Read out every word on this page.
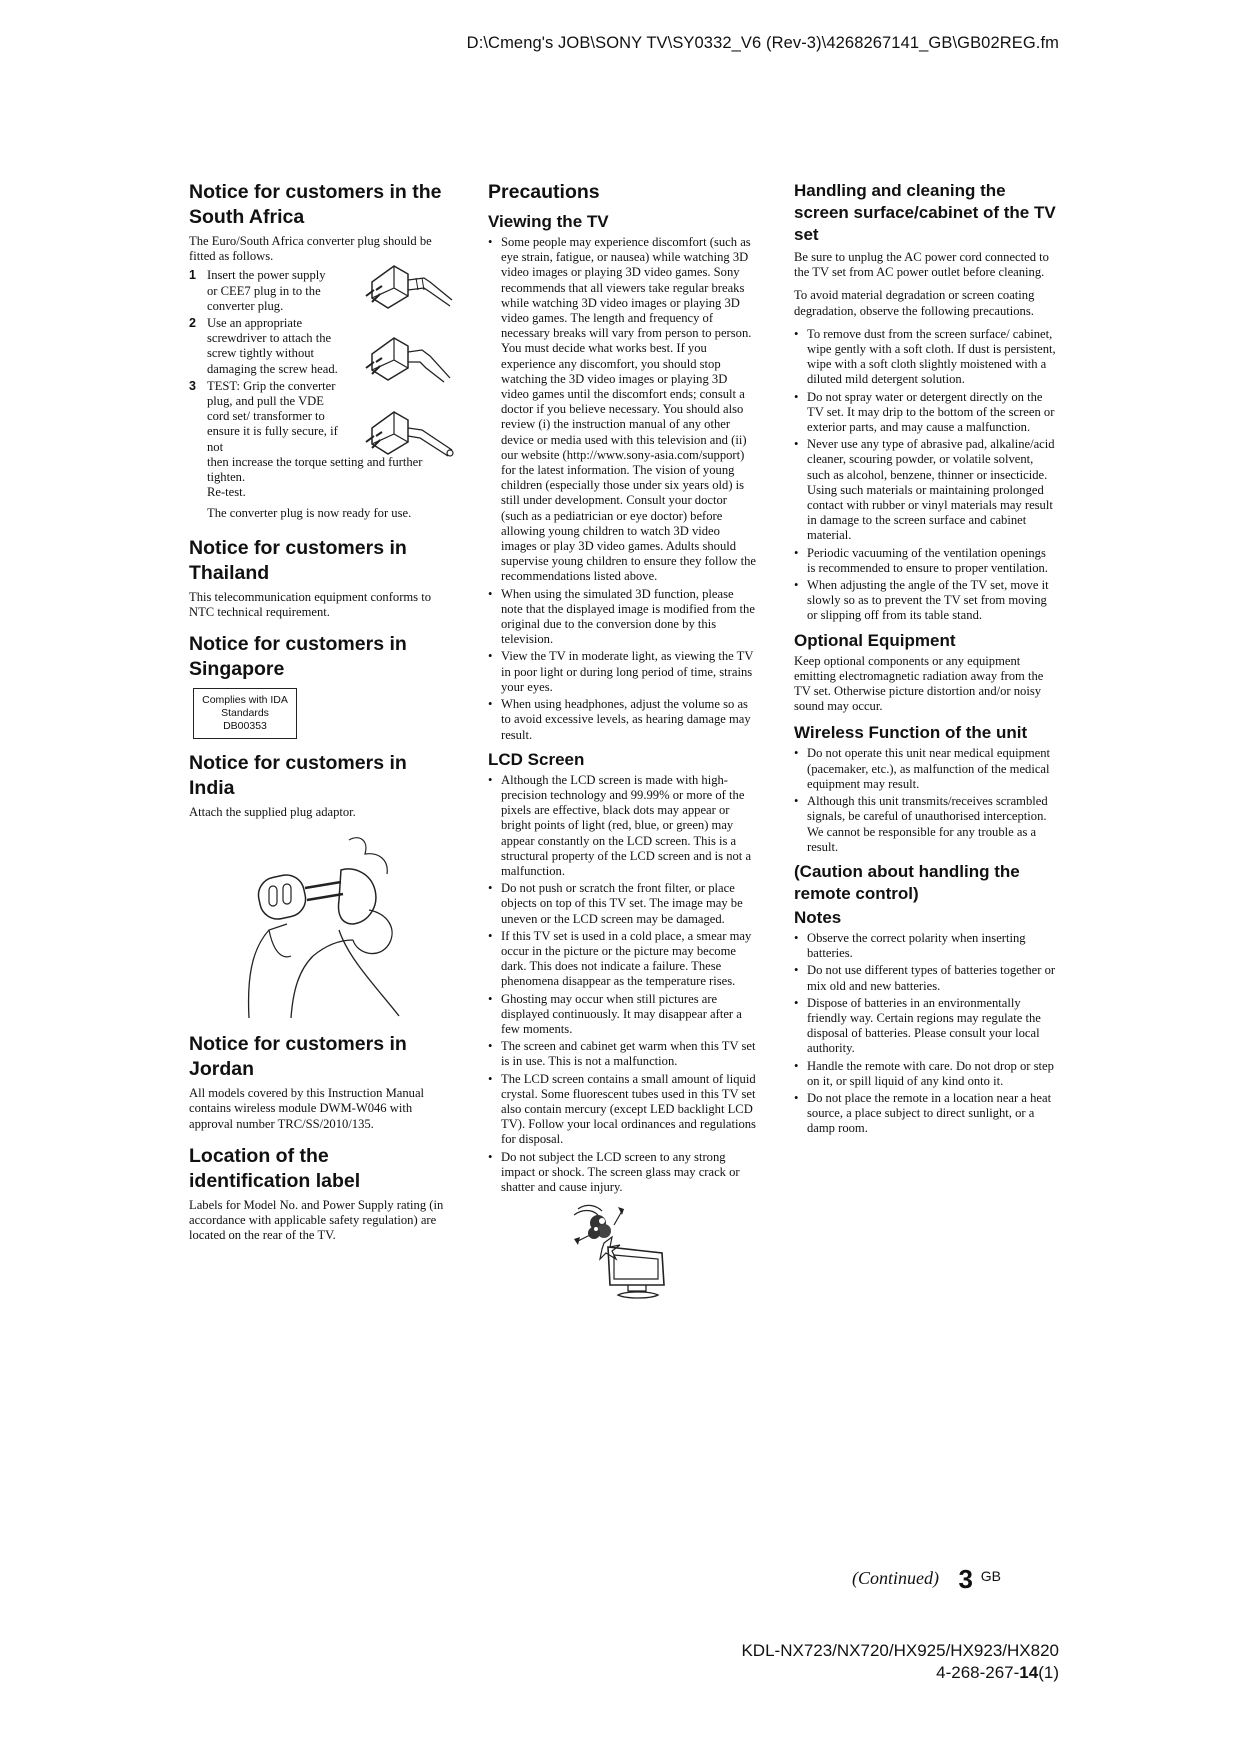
D:\Cmeng's JOB\SONY TV\SY0332_V6 (Rev-3)\4268267141_GB\GB02REG.fm
Notice for customers in the South Africa

The Euro/South Africa converter plug should be fitted as follows.

1 Insert the power supply or CEE7 plug in to the converter plug.
2 Use an appropriate screwdriver to attach the screw tightly without damaging the screw head.
3 TEST: Grip the converter plug, and pull the VDE cord set/ transformer to ensure it is fully secure, if not
then increase the torque setting and further tighten.
Re-test.

The converter plug is now ready for use.

Notice for customers in Thailand

This telecommunication equipment conforms to NTC technical requirement.

Notice for customers in Singapore
Complies with IDA
Standards
DB00353
Notice for customers in India

Attach the supplied plug adaptor.

Notice for customers in Jordan

All models covered by this Instruction Manual contains wireless module DWM-W046 with approval number TRC/SS/2010/135.

Location of the identification label

Labels for Model No. and Power Supply rating (in accordance with applicable safety regulation) are located on the rear of the TV.

Precautions
Viewing the TV
• Some people may experience discomfort (such as eye strain, fatigue, or nausea) while watching 3D video images or playing 3D video games. Sony recommends that all viewers take regular breaks while watching 3D video images or playing 3D video games. The length and frequency of necessary breaks will vary from person to person. You must decide what works best. If you experience any discomfort, you should stop watching the 3D video images or playing 3D video games until the discomfort ends; consult a doctor if you believe necessary. You should also review (i) the instruction manual of any other device or media used with this television and (ii) our website (http://www.sony-asia.com/support) for the latest information. The vision of young children (especially those under six years old) is still under development. Consult your doctor (such as a pediatrician or eye doctor) before allowing young children to watch 3D video images or play 3D video games. Adults should supervise young children to ensure they follow the recommendations listed above.
• When using the simulated 3D function, please note that the displayed image is modified from the original due to the conversion done by this television.
• View the TV in moderate light, as viewing the TV in poor light or during long period of time, strains your eyes.
• When using headphones, adjust the volume so as to avoid excessive levels, as hearing damage may result.
LCD Screen
• Although the LCD screen is made with high-precision technology and 99.99% or more of the pixels are effective, black dots may appear or bright points of light (red, blue, or green) may appear constantly on the LCD screen. This is a structural property of the LCD screen and is not a malfunction.
• Do not push or scratch the front filter, or place objects on top of this TV set. The image may be uneven or the LCD screen may be damaged.
• If this TV set is used in a cold place, a smear may occur in the picture or the picture may become dark. This does not indicate a failure. These phenomena disappear as the temperature rises.
• Ghosting may occur when still pictures are displayed continuously. It may disappear after a few moments.
• The screen and cabinet get warm when this TV set is in use. This is not a malfunction.
• The LCD screen contains a small amount of liquid crystal. Some fluorescent tubes used in this TV set also contain mercury (except LED backlight LCD TV). Follow your local ordinances and regulations for disposal.
• Do not subject the LCD screen to any strong impact or shock. The screen glass may crack or shatter and cause injury.
Handling and cleaning the screen surface/cabinet of the TV set

Be sure to unplug the AC power cord connected to the TV set from AC power outlet before cleaning.

To avoid material degradation or screen coating degradation, observe the following precautions.

• To remove dust from the screen surface/ cabinet, wipe gently with a soft cloth. If dust is persistent, wipe with a soft cloth slightly moistened with a diluted mild detergent solution.
• Do not spray water or detergent directly on the TV set. It may drip to the bottom of the screen or exterior parts, and may cause a malfunction.
• Never use any type of abrasive pad, alkaline/acid cleaner, scouring powder, or volatile solvent, such as alcohol, benzene, thinner or insecticide. Using such materials or maintaining prolonged contact with rubber or vinyl materials may result in damage to the screen surface and cabinet material.
• Periodic vacuuming of the ventilation openings is recommended to ensure to proper ventilation.
• When adjusting the angle of the TV set, move it slowly so as to prevent the TV set from moving or slipping off from its table stand.
Optional Equipment

Keep optional components or any equipment emitting electromagnetic radiation away from the TV set. Otherwise picture distortion and/or noisy sound may occur.

Wireless Function of the unit
• Do not operate this unit near medical equipment (pacemaker, etc.), as malfunction of the medical equipment may result.
• Although this unit transmits/receives scrambled signals, be careful of unauthorised interception. We cannot be responsible for any trouble as a result.
(Caution about handling the remote control)
Notes
• Observe the correct polarity when inserting batteries.
• Do not use different types of batteries together or mix old and new batteries.
• Dispose of batteries in an environmentally friendly way. Certain regions may regulate the disposal of batteries. Please consult your local authority.
• Handle the remote with care. Do not drop or step on it, or spill liquid of any kind onto it.
• Do not place the remote in a location near a heat source, a place subject to direct sunlight, or a damp room.
(Continued) 3 GB
KDL-NX723/NX720/HX925/HX923/HX820
4-268-267-14(1)
